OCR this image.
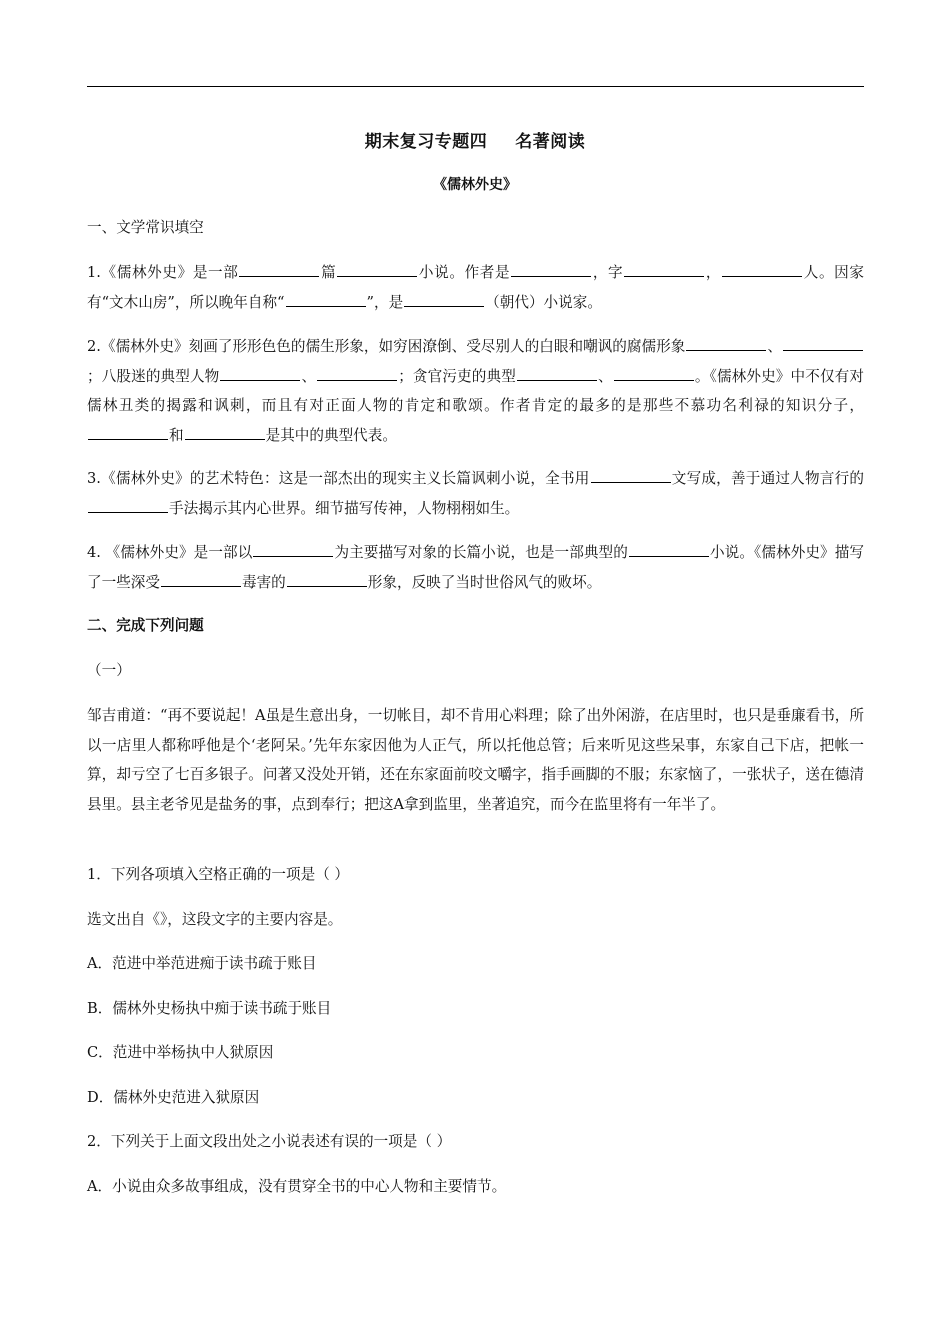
期末复习专题四 名著阅读
《儒林外史》
一、文学常识填空
1.《儒林外史》是一部	篇	小说。作者是	，字	，	人。因家有“文木山房”，所以晚年自称“	”，是	（朝代）小说家。
2.《儒林外史》刻画了形形色色的儒生形象，如穷困潦倒、受尽别人的白眼和嘲讽的腐儒形象	、；八股迷的典型人物	、	；贪官污吏的典型	、	。《儒林外史》中不仅有对儒林丑类的揭露和讽刺，而且有对正面人物的肯定和歌颂。作者肯定的最多的是那些不慕功名利禄的知识分子，和	是其中的典型代表。
3.《儒林外史》的艺术特色：这是一部杰出的现实主义长篇讽刺小说，全书用	文写成，善于通过人物言行的手法揭示其内心世界。细节描写传神，人物栩栩如生。
4. 《儒林外史》是一部以	为主要描写对象的长篇小说，也是一部典型的	小说。《儒林外史》描写了一些深受	毒害的	形象，反映了当时世俗风气的败坏。
二、完成下列问题
（一）
邹吉甫道：“再不要说起！A虽是生意出身，一切帐目，却不肯用心料理；除了出外闲游，在店里时，也只是垂廉看书，所以一店里人都称呼他是个‘老阿呆。’先年东家因他为人正气，所以托他总管；后来听见这些呆事，东家自己下店，把帐一算，却亏空了七百多银子。问著又没处开销，还在东家面前咬文嚼字，指手画脚的不服；东家恼了，一张状子，送在德清县里。县主老爷见是盐务的事，点到奉行；把这A拿到监里，坐著追究，而今在监里将有一年半了。
1．下列各项填入空格正确的一项是（ ）
选文出自《》，这段文字的主要内容是。
A．范进中举范进痴于读书疏于账目
B．儒林外史杨执中痴于读书疏于账目
C．范进中举杨执中人狱原因
D．儒林外史范进入狱原因
2．下列关于上面文段出处之小说表述有误的一项是（ ）
A．小说由众多故事组成，没有贯穿全书的中心人物和主要情节。
